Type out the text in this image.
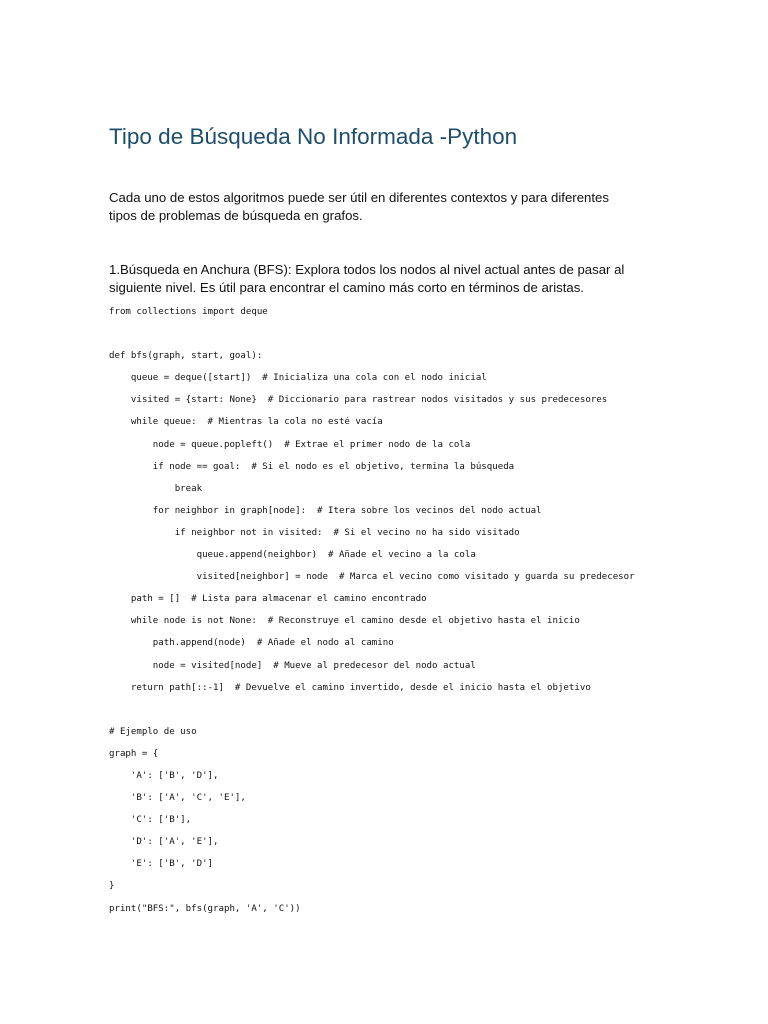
Tipo de Búsqueda No Informada -Python

Cada uno de estos algoritmos puede ser útil en diferentes contextos y para diferentes
tipos de problemas de búsqueda en grafos.

1.Búsqueda en Anchura (BFS): Explora todos los nodos al nivel actual antes de pasar al
siguiente nivel. Es útil para encontrar el camino más corto en términos de aristas.

from collections import deque
def bfs(graph, start, goal):
queue = deque([start])  # Inicializa una cola con el nodo inicial
visited = {start: None}  # Diccionario para rastrear nodos visitados y sus predecesores
while queue:  # Mientras la cola no esté vacía
node = queue.popleft()  # Extrae el primer nodo de la cola
if node == goal:  # Si el nodo es el objetivo, termina la búsqueda
break
for neighbor in graph[node]:  # Itera sobre los vecinos del nodo actual
if neighbor not in visited:  # Si el vecino no ha sido visitado
queue.append(neighbor)  # Añade el vecino a la cola
visited[neighbor] = node  # Marca el vecino como visitado y guarda su predecesor
path = []  # Lista para almacenar el camino encontrado
while node is not None:  # Reconstruye el camino desde el objetivo hasta el inicio
path.append(node)  # Añade el nodo al camino
node = visited[node]  # Mueve al predecesor del nodo actual
return path[::-1]  # Devuelve el camino invertido, desde el inicio hasta el objetivo
# Ejemplo de uso
graph = {
'A': ['B', 'D'],
'B': ['A', 'C', 'E'],
'C': ['B'],
'D': ['A', 'E'],
'E': ['B', 'D']
}
print("BFS:", bfs(graph, 'A', 'C'))
